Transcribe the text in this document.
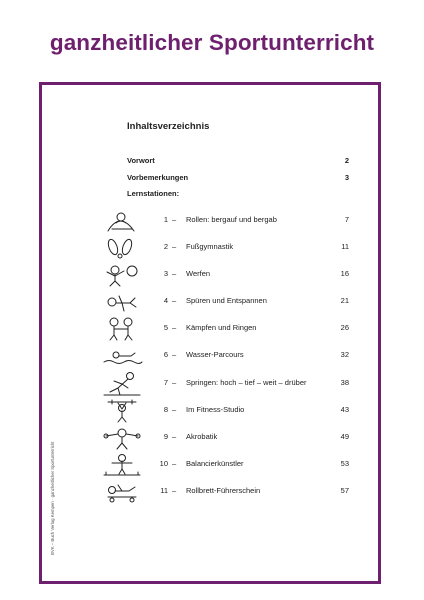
ganzheitlicher Sportunterricht
BVK – Buch Verlag Kempen · ganzheitlicher Sportunterricht
Inhaltsverzeichnis
Vorwort	2
Vorbemerkungen	3
Lernstationen:
1 – Rollen: bergauf und bergab	7
2 – Fußgymnastik	11
3 – Werfen	16
4 – Spüren und Entspannen	21
5 – Kämpfen und Ringen	26
6 – Wasser-Parcours	32
7 – Springen: hoch – tief – weit – drüber	38
8 – Im Fitness-Studio	43
9 – Akrobatik	49
10 – Balancierkünstler	53
11 – Rollbrett-Führerschein	57
